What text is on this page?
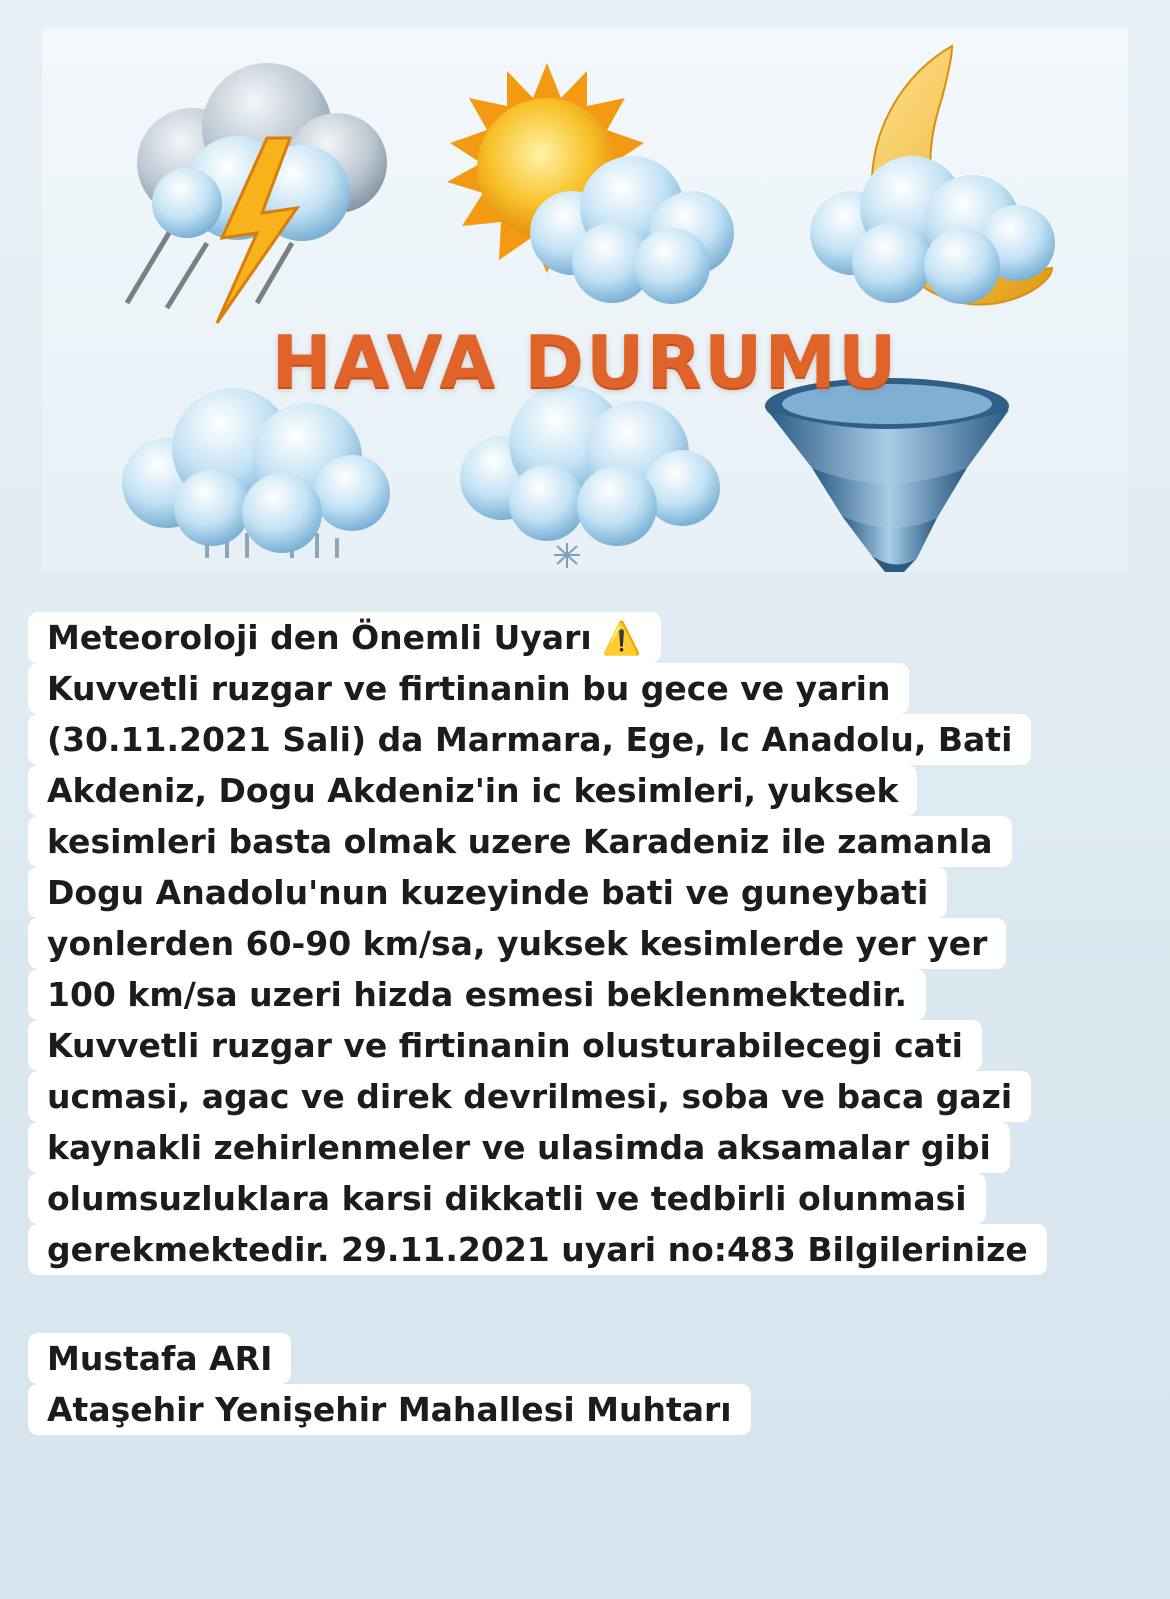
HAVA DURUMU
Meteoroloji den Önemli Uyarı ⚠️
Kuvvetli ruzgar ve firtinanin bu gece ve yarin
(30.11.2021 Sali) da Marmara, Ege, Ic Anadolu, Bati
Akdeniz, Dogu Akdeniz'in ic kesimleri, yuksek
kesimleri basta olmak uzere Karadeniz ile zamanla
Dogu Anadolu'nun kuzeyinde bati ve guneybati
yonlerden 60-90 km/sa, yuksek kesimlerde yer yer
100 km/sa uzeri hizda esmesi beklenmektedir.
Kuvvetli ruzgar ve firtinanin olusturabilecegi cati
ucmasi, agac ve direk devrilmesi, soba ve baca gazi
kaynakli zehirlenmeler ve ulasimda aksamalar gibi
olumsuzluklara karsi dikkatli ve tedbirli olunmasi
gerekmektedir. 29.11.2021 uyari no:483 Bilgilerinize
Mustafa ARI
Ataşehir Yenişehir Mahallesi Muhtarı
